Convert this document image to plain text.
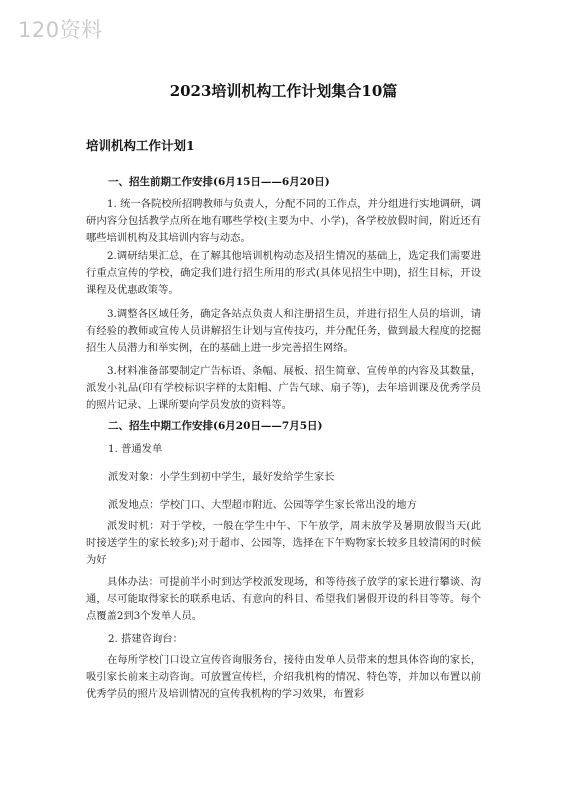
120资料
2023培训机构工作计划集合10篇
培训机构工作计划1
一、招生前期工作安排(6月15日——6月20日)

1. 统一各院校所招聘教师与负责人，分配不同的工作点，并分组进行实地调研，调研内容分包括教学点所在地有哪些学校(主要为中、小学)，各学校放假时间，附近还有哪些培训机构及其培训内容与动态。

2.调研结果汇总，在了解其他培训机构动态及招生情况的基础上，选定我们需要进行重点宣传的学校，确定我们进行招生所用的形式(具体见招生中期)，招生目标，开设课程及优惠政策等。

3.调整各区域任务，确定各站点负责人和注册招生员，并进行招生人员的培训，请有经验的教师或宣传人员讲解招生计划与宣传技巧，并分配任务，做到最大程度的挖掘招生人员潜力和举实例，在的基础上进一步完善招生网络。

3.材料准备部要制定广告标语、条幅、展板、招生简章、宣传单的内容及其数量，派发小礼品(印有学校标识字样的太阳帽、广告气球、扇子等)，去年培训课及优秀学员的照片记录、上课所要向学员发放的资料等。

二、招生中期工作安排(6月20日——7月5日)
1. 普通发单
派发对象：小学生到初中学生，最好发给学生家长
派发地点：学校门口、大型超市附近、公园等学生家长常出没的地方

派发时机：对于学校，一般在学生中午、下午放学，周末放学及暑期放假当天(此时接送学生的家长较多);对于超市、公园等，选择在下午购物家长较多且较清闲的时候为好

具体办法：可提前半小时到达学校派发现场，和等待孩子放学的家长进行攀谈、沟通，尽可能取得家长的联系电话、有意向的科目、希望我们暑假开设的科目等等。每个点覆盖2到3个发单人员。

2. 搭建咨询台：

在每所学校门口设立宣传咨询服务台，接待由发单人员带来的想具体咨询的家长，吸引家长前来主动咨询。可放置宣传栏，介绍我机构的情况、特色等，并加以布置以前优秀学员的照片及培训情况的宣传我机构的学习效果，布置彩
